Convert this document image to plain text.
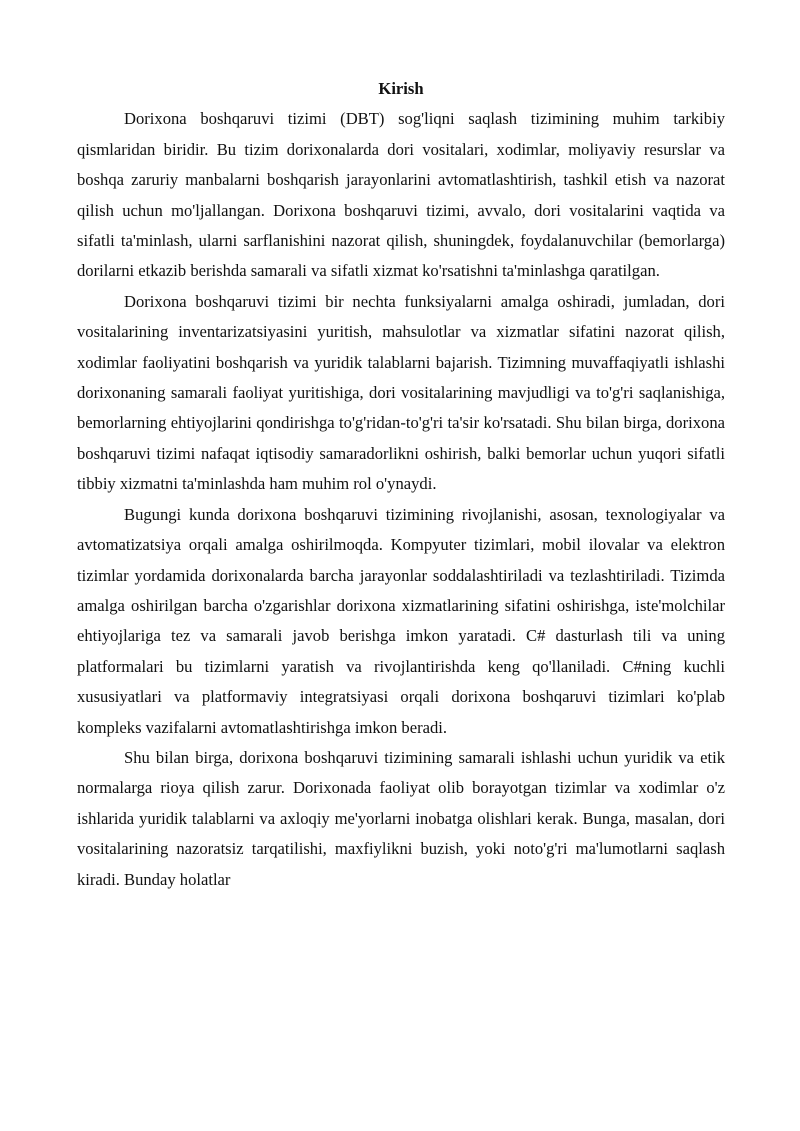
Kirish

Dorixona boshqaruvi tizimi (DBT) sog'liqni saqlash tizimining muhim tarkibiy qismlaridan biridir. Bu tizim dorixonalarda dori vositalari, xodimlar, moliyaviy resurslar va boshqa zaruriy manbalarni boshqarish jarayonlarini avtomatlashtirish, tashkil etish va nazorat qilish uchun mo'ljallangan. Dorixona boshqaruvi tizimi, avvalo, dori vositalarini vaqtida va sifatli ta'minlash, ularni sarflanishini nazorat qilish, shuningdek, foydalanuvchilar (bemorlarga) dorilarni etkazib berishda samarali va sifatli xizmat ko'rsatishni ta'minlashga qaratilgan.

Dorixona boshqaruvi tizimi bir nechta funksiyalarni amalga oshiradi, jumladan, dori vositalarining inventarizatsiyasini yuritish, mahsulotlar va xizmatlar sifatini nazorat qilish, xodimlar faoliyatini boshqarish va yuridik talablarni bajarish. Tizimning muvaffaqiyatli ishlashi dorixonaning samarali faoliyat yuritishiga, dori vositalarining mavjudligi va to'g'ri saqlanishiga, bemorlarning ehtiyojlarini qondirishga to'g'ridan-to'g'ri ta'sir ko'rsatadi. Shu bilan birga, dorixona boshqaruvi tizimi nafaqat iqtisodiy samaradorlikni oshirish, balki bemorlar uchun yuqori sifatli tibbiy xizmatni ta'minlashda ham muhim rol o'ynaydi.

Bugungi kunda dorixona boshqaruvi tizimining rivojlanishi, asosan, texnologiyalar va avtomatizatsiya orqali amalga oshirilmoqda. Kompyuter tizimlari, mobil ilovalar va elektron tizimlar yordamida dorixonalarda barcha jarayonlar soddalashtiriladi va tezlashtiriladi. Tizimda amalga oshirilgan barcha o'zgarishlar dorixona xizmatlarining sifatini oshirishga, iste'molchilar ehtiyojlariga tez va samarali javob berishga imkon yaratadi. C# dasturlash tili va uning platformalari bu tizimlarni yaratish va rivojlantirishda keng qo'llaniladi. C#ning kuchli xususiyatlari va platformaviy integratsiyasi orqali dorixona boshqaruvi tizimlari ko'plab kompleks vazifalarni avtomatlashtirishga imkon beradi.

Shu bilan birga, dorixona boshqaruvi tizimining samarali ishlashi uchun yuridik va etik normalarga rioya qilish zarur. Dorixonada faoliyat olib borayotgan tizimlar va xodimlar o'z ishlarida yuridik talablarni va axloqiy me'yorlarni inobatga olishlari kerak. Bunga, masalan, dori vositalarining nazoratsiz tarqatilishi, maxfiylikni buzish, yoki noto'g'ri ma'lumotlarni saqlash kiradi. Bunday holatlar
